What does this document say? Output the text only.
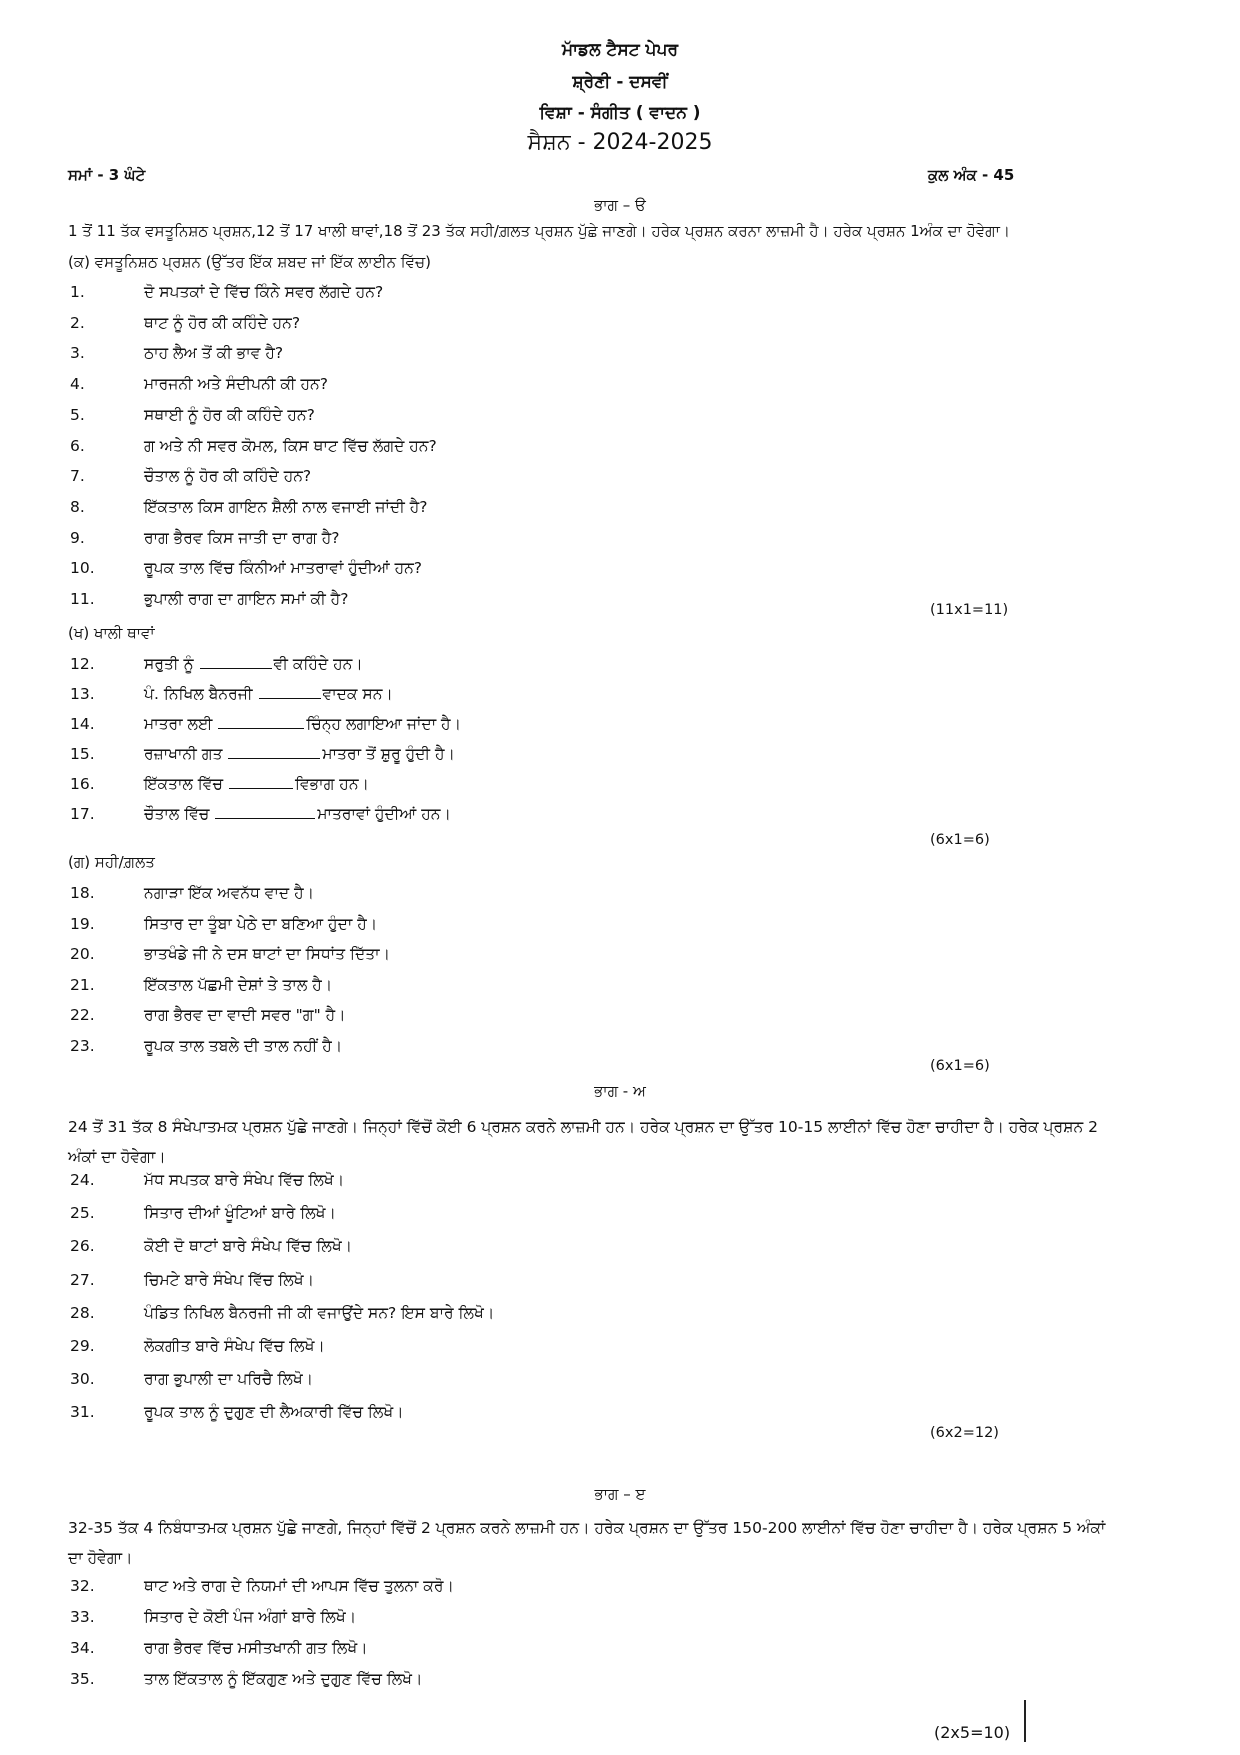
ਮਾੱਡਲ ਟੈਸਟ ਪੇਪਰ
ਸ਼੍ਰੇਣੀ - ਦਸਵੀਂ
ਵਿਸ਼ਾ - ਸੰਗੀਤ ( ਵਾਦਨ )
ਸੈਸ਼ਨ - 2024-2025
ਸਮਾਂ - 3 ਘੰਟੇ	ਕੁਲ ਅੰਕ - 45
ਭਾਗ – ੳ
1 ਤੋਂ 11 ਤੱਕ ਵਸਤੂਨਿਸ਼ਠ ਪ੍ਰਸ਼ਨ,12 ਤੋਂ 17 ਖਾਲੀ ਥਾਵਾਂ,18 ਤੋਂ 23 ਤੱਕ ਸਹੀ/ਗ਼ਲਤ ਪ੍ਰਸ਼ਨ ਪੁੱਛੇ ਜਾਣਗੇ। ਹਰੇਕ ਪ੍ਰਸ਼ਨ ਕਰਨਾ ਲਾਜ਼ਮੀ ਹੈ। ਹਰੇਕ ਪ੍ਰਸ਼ਨ 1ਅੰਕ ਦਾ ਹੋਵੇਗਾ।
(ਕ) ਵਸਤੂਨਿਸ਼ਠ ਪ੍ਰਸ਼ਨ (ਉੱਤਰ ਇੱਕ ਸ਼ਬਦ ਜਾਂ ਇੱਕ ਲਾਈਨ ਵਿੱਚ)
1.	ਦੋ ਸਪਤਕਾਂ ਦੇ ਵਿੱਚ ਕਿੰਨੇ ਸਵਰ ਲੱਗਦੇ ਹਨ?
2.	ਥਾਟ ਨੂੰ ਹੋਰ ਕੀ ਕਹਿੰਦੇ ਹਨ?
3.	ਠਾਹ ਲੈਅ ਤੋਂ ਕੀ ਭਾਵ ਹੈ?
4.	ਮਾਰਜਨੀ ਅਤੇ ਸੰਦੀਪਨੀ ਕੀ ਹਨ?
5.	ਸਥਾਈ ਨੂੰ ਹੋਰ ਕੀ ਕਹਿੰਦੇ ਹਨ?
6.	ਗ ਅਤੇ ਨੀ ਸਵਰ ਕੋਮਲ, ਕਿਸ ਥਾਟ ਵਿੱਚ ਲੱਗਦੇ ਹਨ?
7.	ਚੌਤਾਲ ਨੂੰ ਹੋਰ ਕੀ ਕਹਿੰਦੇ ਹਨ?
8.	ਇੱਕਤਾਲ ਕਿਸ ਗਾਇਨ ਸ਼ੈਲੀ ਨਾਲ ਵਜਾਈ ਜਾਂਦੀ ਹੈ?
9.	ਰਾਗ ਭੈਰਵ ਕਿਸ ਜਾਤੀ ਦਾ ਰਾਗ ਹੈ?
10.	ਰੂਪਕ ਤਾਲ ਵਿੱਚ ਕਿੰਨੀਆਂ ਮਾਤਰਾਵਾਂ ਹੁੰਦੀਆਂ ਹਨ?
11.	ਭੁਪਾਲੀ ਰਾਗ ਦਾ ਗਾਇਨ ਸਮਾਂ ਕੀ ਹੈ?
(11x1=11)
(ਖ) ਖਾਲੀ ਥਾਵਾਂ
12.	ਸਰੁਤੀ ਨੂੰ	ਵੀ ਕਹਿੰਦੇ ਹਨ।
13.	ਪੰ. ਨਿਖਿਲ ਬੈਨਰਜੀ	ਵਾਦਕ ਸਨ।
14.	ਮਾਤਰਾ ਲਈ	ਚਿੰਨ੍ਹ ਲਗਾਇਆ ਜਾਂਦਾ ਹੈ।
15.	ਰਜ਼ਾਖਾਨੀ ਗਤ	ਮਾਤਰਾ ਤੋਂ ਸ਼ੁਰੂ ਹੁੰਦੀ ਹੈ।
16.	ਇੱਕਤਾਲ ਵਿੱਚ	ਵਿਭਾਗ ਹਨ।
17.	ਚੌਤਾਲ ਵਿੱਚ	ਮਾਤਰਾਵਾਂ ਹੁੰਦੀਆਂ ਹਨ।
(6x1=6)
(ਗ) ਸਹੀ/ਗ਼ਲਤ
18.	ਨਗਾੜਾ ਇੱਕ ਅਵਨੱਧ ਵਾਦ ਹੈ।
19.	ਸਿਤਾਰ ਦਾ ਤੂੰਬਾ ਪੇਠੇ ਦਾ ਬਣਿਆ ਹੁੰਦਾ ਹੈ।
20.	ਭਾਤਖੰਡੇ ਜੀ ਨੇ ਦਸ ਥਾਟਾਂ ਦਾ ਸਿਧਾਂਤ ਦਿੱਤਾ।
21.	ਇੱਕਤਾਲ ਪੱਛਮੀ ਦੇਸ਼ਾਂ ਤੇ ਤਾਲ ਹੈ।
22.	ਰਾਗ ਭੈਰਵ ਦਾ ਵਾਦੀ ਸਵਰ "ਗ" ਹੈ।
23.	ਰੂਪਕ ਤਾਲ ਤਬਲੇ ਦੀ ਤਾਲ ਨਹੀਂ ਹੈ।
(6x1=6)
ਭਾਗ - ਅ
24 ਤੋਂ 31 ਤੱਕ 8 ਸੰਖੇਪਾਤਮਕ ਪ੍ਰਸ਼ਨ ਪੁੱਛੇ ਜਾਣਗੇ। ਜਿਨ੍ਹਾਂ ਵਿੱਚੋਂ ਕੋਈ 6 ਪ੍ਰਸ਼ਨ ਕਰਨੇ ਲਾਜ਼ਮੀ ਹਨ। ਹਰੇਕ ਪ੍ਰਸ਼ਨ ਦਾ ਉੱਤਰ 10-15 ਲਾਈਨਾਂ ਵਿੱਚ ਹੋਣਾ ਚਾਹੀਦਾ ਹੈ। ਹਰੇਕ ਪ੍ਰਸ਼ਨ 2 ਅੰਕਾਂ ਦਾ ਹੋਵੇਗਾ।
24.	ਮੱਧ ਸਪਤਕ ਬਾਰੇ ਸੰਖੇਪ ਵਿੱਚ ਲਿਖੋ।
25.	ਸਿਤਾਰ ਦੀਆਂ ਖੂੰਟਿਆਂ ਬਾਰੇ ਲਿਖੋ।
26.	ਕੋਈ ਦੋ ਥਾਟਾਂ ਬਾਰੇ ਸੰਖੇਪ ਵਿੱਚ ਲਿਖੋ।
27.	ਚਿਮਟੇ ਬਾਰੇ ਸੰਖੇਪ ਵਿੱਚ ਲਿਖੋ।
28.	ਪੰਡਿਤ ਨਿਖਿਲ ਬੈਨਰਜੀ ਜੀ ਕੀ ਵਜਾਉਂਦੇ ਸਨ? ਇਸ ਬਾਰੇ ਲਿਖੋ।
29.	ਲੋਕਗੀਤ ਬਾਰੇ ਸੰਖੇਪ ਵਿੱਚ ਲਿਖੋ।
30.	ਰਾਗ ਭੁਪਾਲੀ ਦਾ ਪਰਿਚੈ ਲਿਖੋ।
31.	ਰੂਪਕ ਤਾਲ ਨੂੰ ਦੁਗੁਣ ਦੀ ਲੈਅਕਾਰੀ ਵਿੱਚ ਲਿਖੋ।
(6x2=12)
ਭਾਗ – ੲ
32-35 ਤੱਕ 4 ਨਿਬੰਧਾਤਮਕ ਪ੍ਰਸ਼ਨ ਪੁੱਛੇ ਜਾਣਗੇ, ਜਿਨ੍ਹਾਂ ਵਿੱਚੋਂ 2 ਪ੍ਰਸ਼ਨ ਕਰਨੇ ਲਾਜ਼ਮੀ ਹਨ। ਹਰੇਕ ਪ੍ਰਸ਼ਨ ਦਾ ਉੱਤਰ 150-200 ਲਾਈਨਾਂ ਵਿੱਚ ਹੋਣਾ ਚਾਹੀਦਾ ਹੈ। ਹਰੇਕ ਪ੍ਰਸ਼ਨ 5 ਅੰਕਾਂ ਦਾ ਹੋਵੇਗਾ।
32.	ਥਾਟ ਅਤੇ ਰਾਗ ਦੇ ਨਿਯਮਾਂ ਦੀ ਆਪਸ ਵਿੱਚ ਤੁਲਨਾ ਕਰੋ।
33.	ਸਿਤਾਰ ਦੇ ਕੋਈ ਪੰਜ ਅੰਗਾਂ ਬਾਰੇ ਲਿਖੋ।
34.	ਰਾਗ ਭੈਰਵ ਵਿੱਚ ਮਸੀਤਖਾਨੀ ਗਤ ਲਿਖੋ।
35.	ਤਾਲ ਇੱਕਤਾਲ ਨੂੰ ਇੱਕਗੁਣ ਅਤੇ ਦੁਗੁਣ ਵਿੱਚ ਲਿਖੋ।
(2x5=10)
